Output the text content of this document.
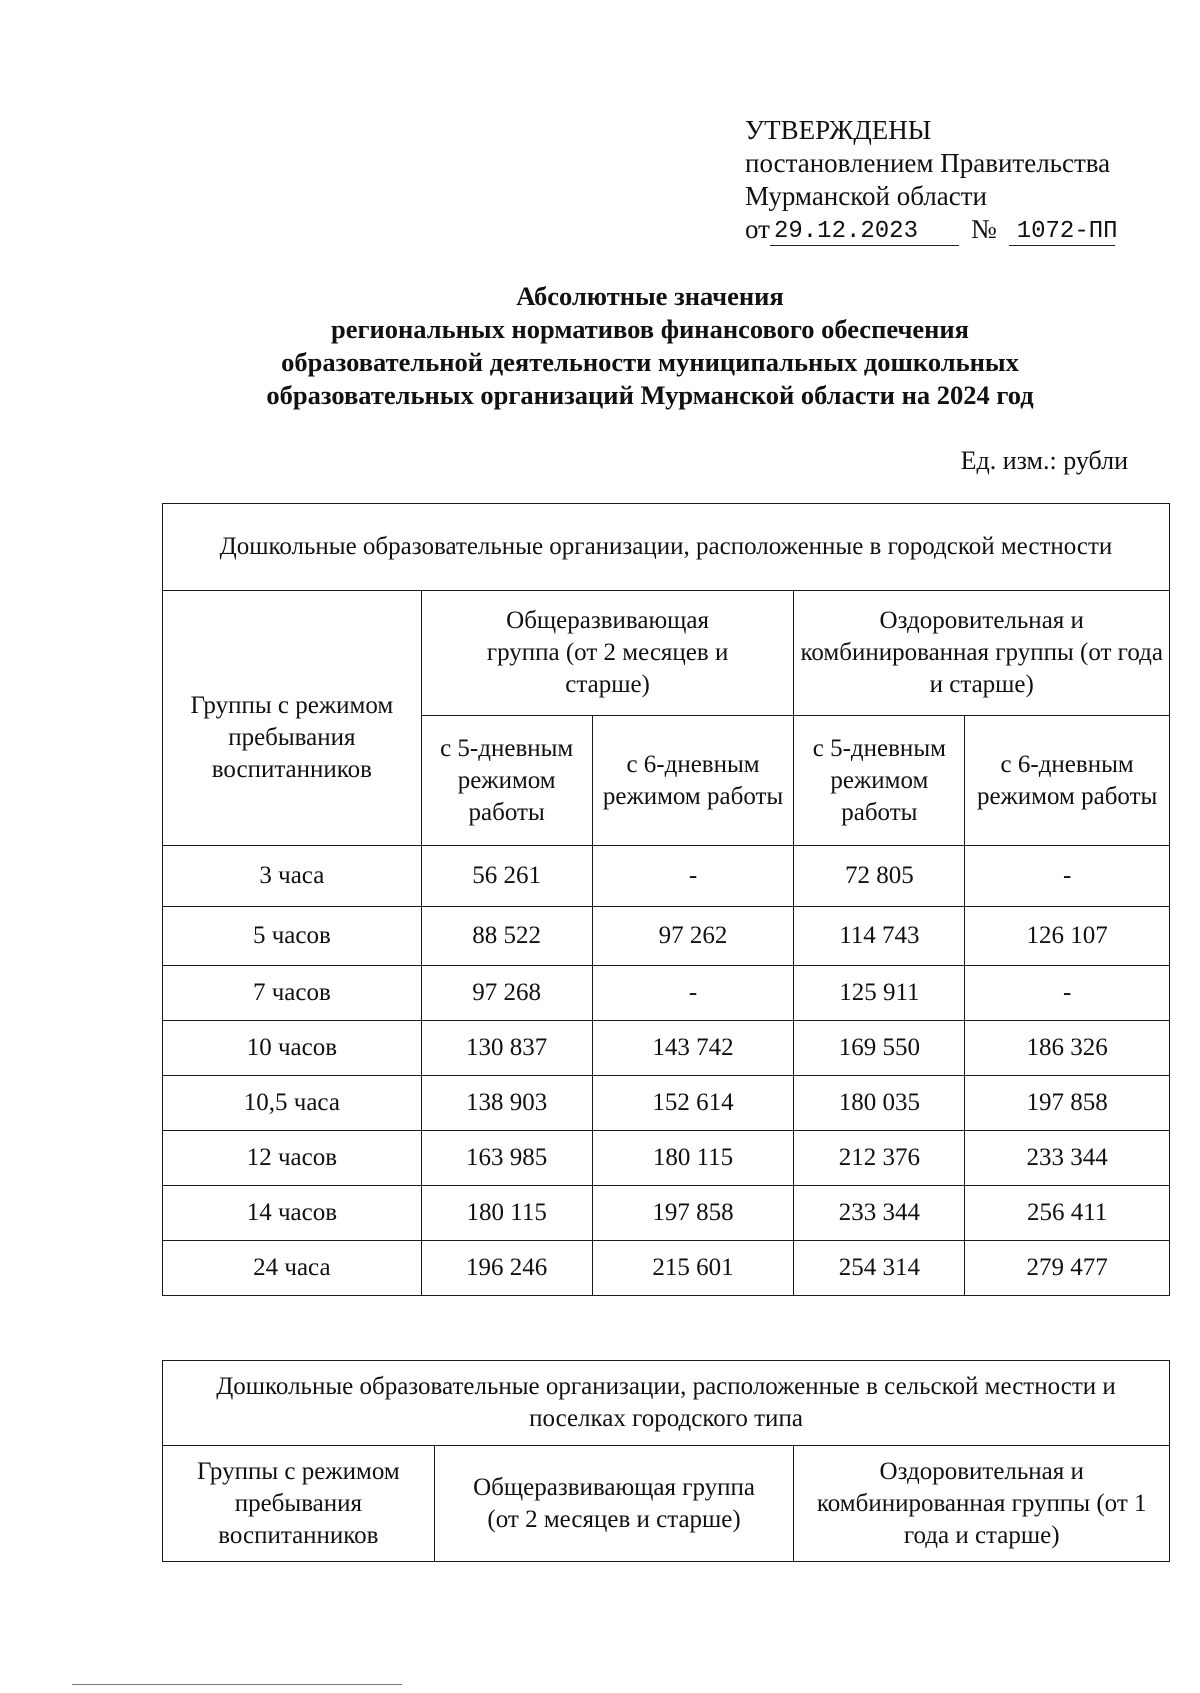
УТВЕРЖДЕНЫ
постановлением Правительства
Мурманской области
от 29.12.2023	№ 1072-ПП
Абсолютные значения
региональных нормативов финансового обеспечения
образовательной деятельности муниципальных дошкольных
образовательных организаций Мурманской области на 2024 год
Ед. изм.: рубли
Дошкольные образовательные организации, расположенные в городской местности				
Группы с режимом пребывания воспитанников	Общеразвивающая группа (от 2 месяцев и старше)		Оздоровительная и комбинированная группы (от года и старше)	
	с 5-дневным режимом работы	с 6-дневным режимом работы	с 5-дневным режимом работы	с 6-дневным режимом работы
3 часа	56 261	-	72 805	-
5 часов	88 522	97 262	114 743	126 107
7 часов	97 268	-	125 911	-
10 часов	130 837	143 742	169 550	186 326
10,5 часа	138 903	152 614	180 035	197 858
12 часов	163 985	180 115	212 376	233 344
14 часов	180 115	197 858	233 344	256 411
24 часа	196 246	215 601	254 314	279 477
Дошкольные образовательные организации, расположенные в сельской местности и поселках городского типа
Группы с режимом пребывания воспитанников	Общеразвивающая группа (от 2 месяцев и старше)	Оздоровительная и комбинированная группы (от 1 года и старше)
